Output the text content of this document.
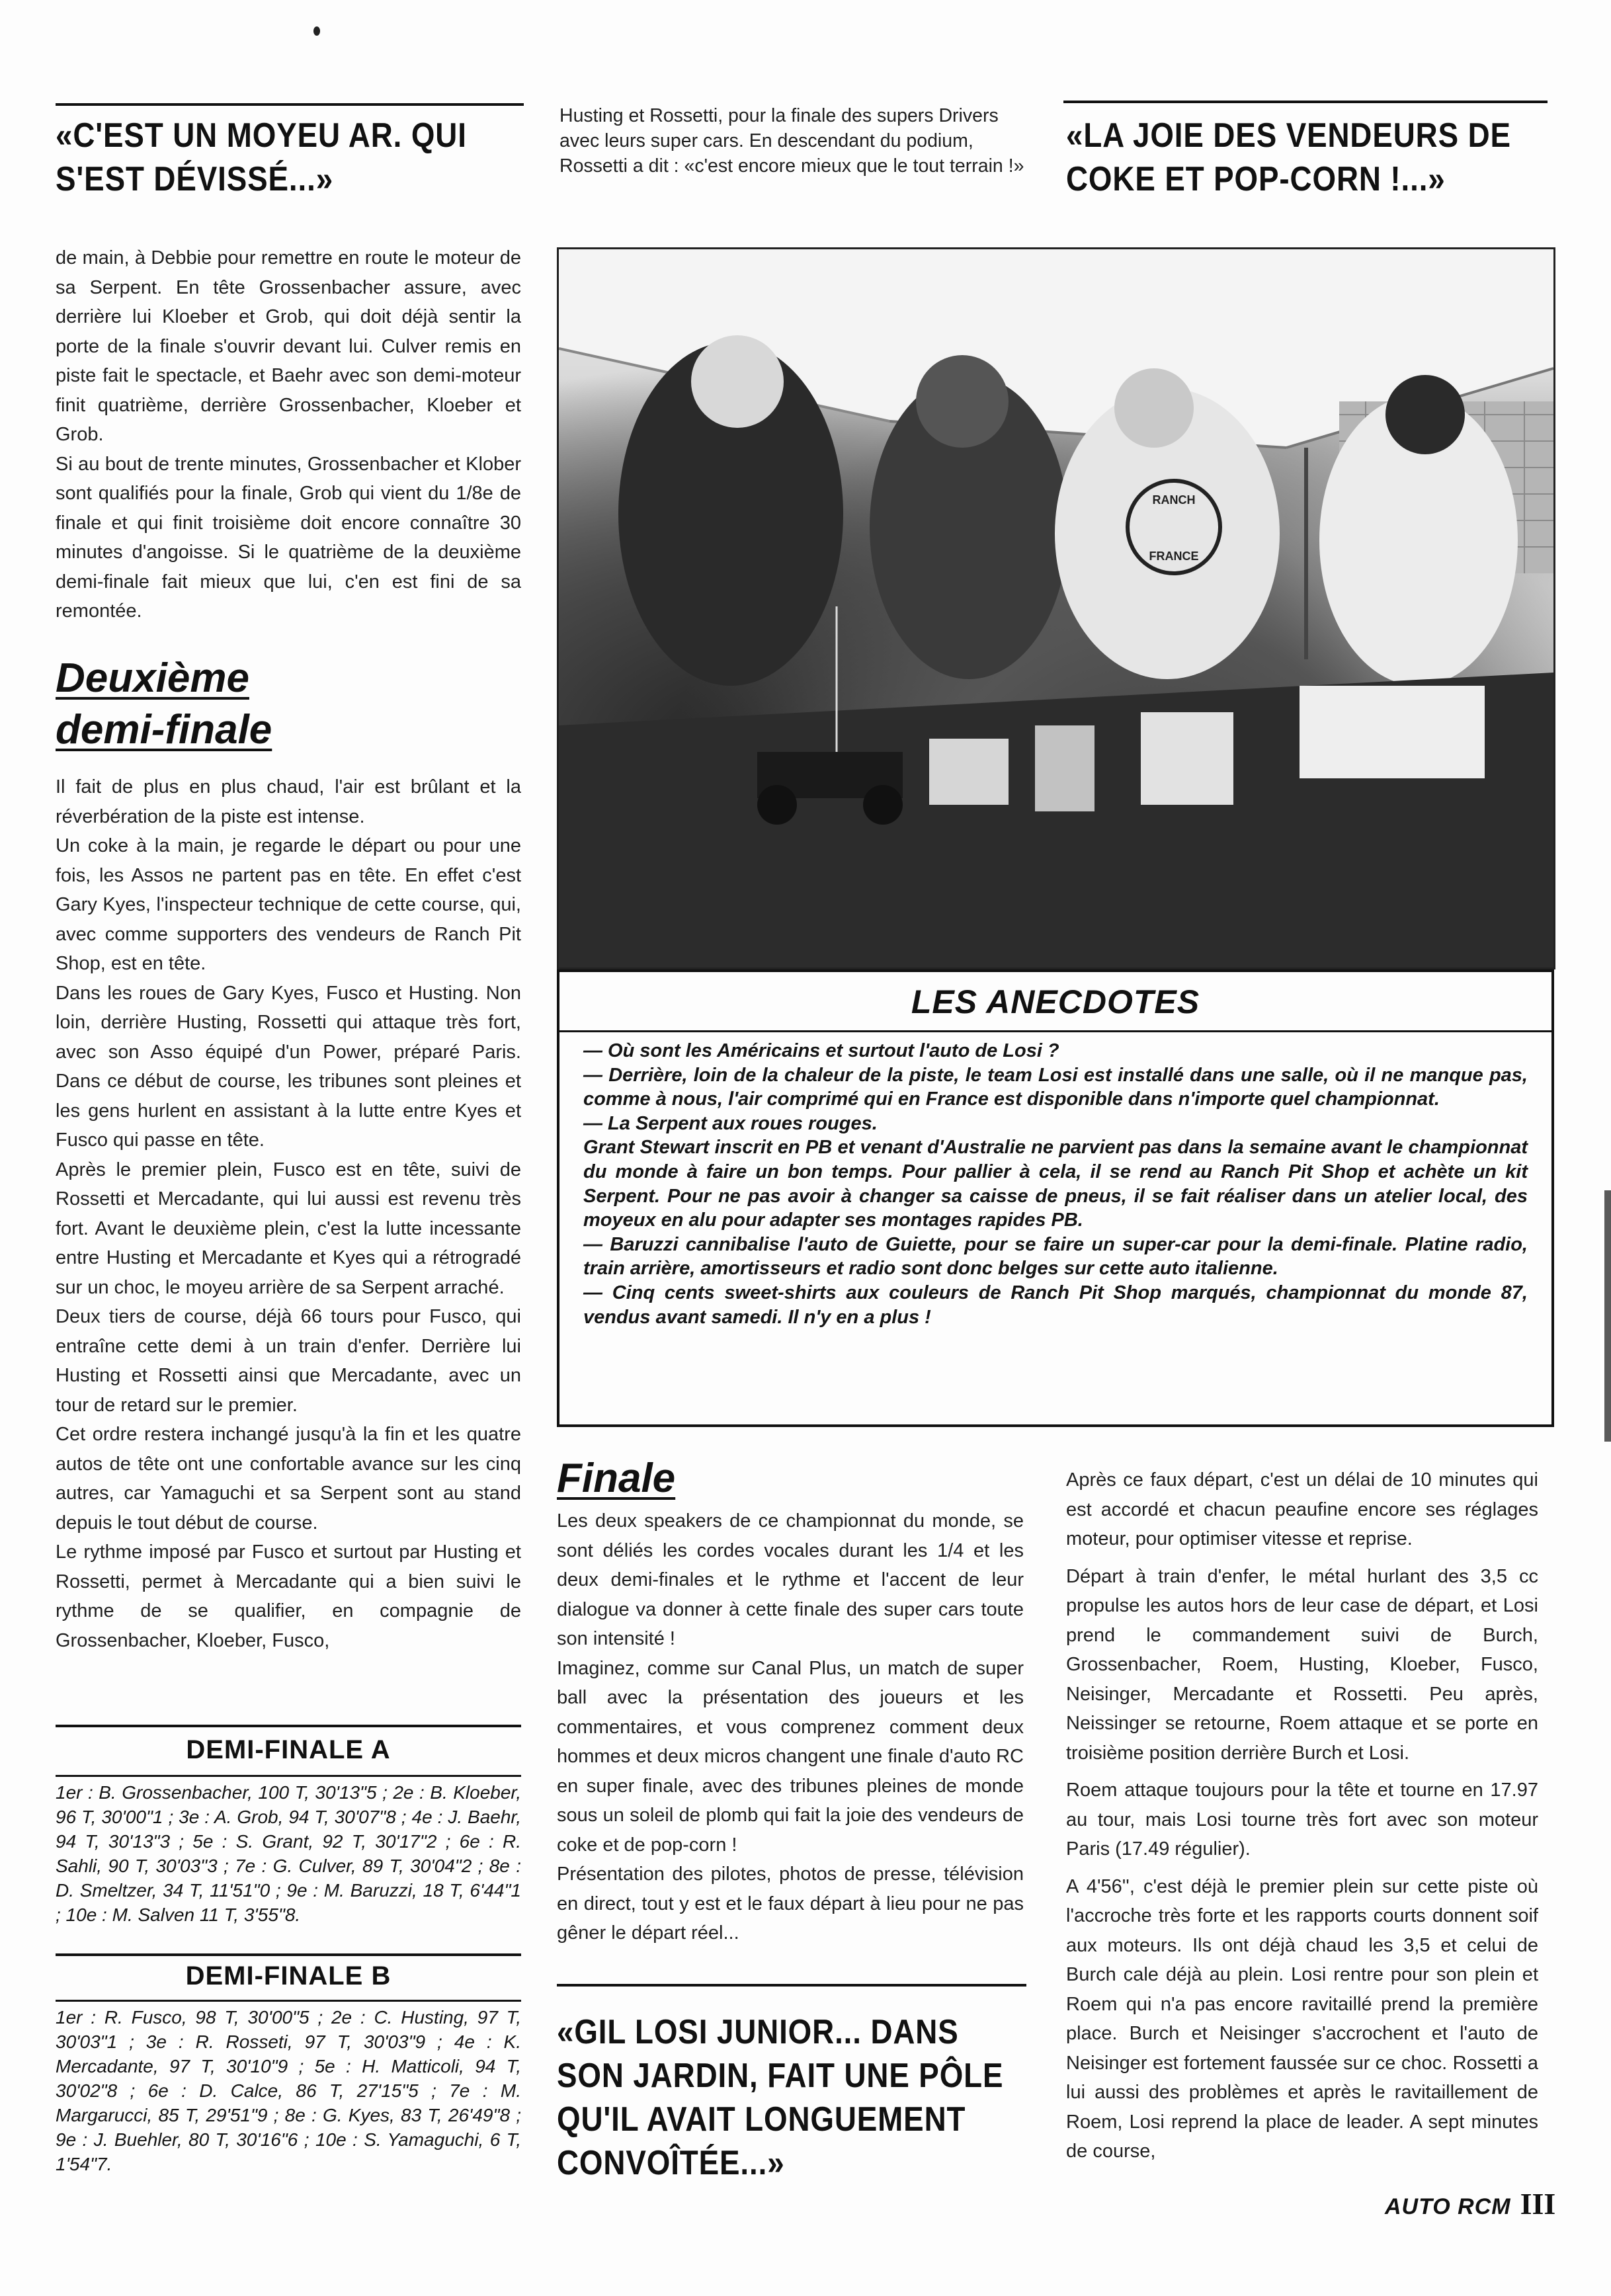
«C'EST UN MOYEU AR. QUI S'EST DÉVISSÉ...»
Husting et Rossetti, pour la finale des supers Drivers avec leurs super cars. En descendant du podium, Rossetti a dit : «c'est encore mieux que le tout terrain !»
«LA JOIE DES VENDEURS DE COKE ET POP-CORN !...»

de main, à Debbie pour remettre en route le moteur de sa Serpent. En tête Grossenbacher assure, avec derrière lui Kloeber et Grob, qui doit déjà sentir la porte de la finale s'ouvrir devant lui. Culver remis en piste fait le spectacle, et Baehr avec son demi-moteur finit quatrième, derrière Grossenbacher, Kloeber et Grob.

Si au bout de trente minutes, Grossenbacher et Klober sont qualifiés pour la finale, Grob qui vient du 1/8e de finale et qui finit troisième doit encore connaître 30 minutes d'angoisse. Si le quatrième de la deuxième demi-finale fait mieux que lui, c'en est fini de sa remontée.

Deuxième
demi-finale

Il fait de plus en plus chaud, l'air est brûlant et la réverbération de la piste est intense.

Un coke à la main, je regarde le départ ou pour une fois, les Assos ne partent pas en tête. En effet c'est Gary Kyes, l'inspecteur technique de cette course, qui, avec comme supporters des vendeurs de Ranch Pit Shop, est en tête.

Dans les roues de Gary Kyes, Fusco et Husting. Non loin, derrière Husting, Rossetti qui attaque très fort, avec son Asso équipé d'un Power, préparé Paris. Dans ce début de course, les tribunes sont pleines et les gens hurlent en assistant à la lutte entre Kyes et Fusco qui passe en tête.

Après le premier plein, Fusco est en tête, suivi de Rossetti et Mercadante, qui lui aussi est revenu très fort. Avant le deuxième plein, c'est la lutte incessante entre Husting et Mercadante et Kyes qui a rétrogradé sur un choc, le moyeu arrière de sa Serpent arraché.

Deux tiers de course, déjà 66 tours pour Fusco, qui entraîne cette demi à un train d'enfer. Derrière lui Husting et Rossetti ainsi que Mercadante, avec un tour de retard sur le premier.

Cet ordre restera inchangé jusqu'à la fin et les quatre autos de tête ont une confortable avance sur les cinq autres, car Yamaguchi et sa Serpent sont au stand depuis le tout début de course.

Le rythme imposé par Fusco et surtout par Husting et Rossetti, permet à Mercadante qui a bien suivi le rythme de se qualifier, en compagnie de Grossenbacher, Kloeber, Fusco,

DEMI-FINALE A
1er : B. Grossenbacher, 100 T, 30'13"5 ; 2e : B. Kloeber, 96 T, 30'00"1 ; 3e : A. Grob, 94 T, 30'07"8 ; 4e : J. Baehr, 94 T, 30'13"3 ; 5e : S. Grant, 92 T, 30'17"2 ; 6e : R. Sahli, 90 T, 30'03"3 ; 7e : G. Culver, 89 T, 30'04"2 ; 8e : D. Smeltzer, 34 T, 11'51"0 ; 9e : M. Baruzzi, 18 T, 6'44"1 ; 10e : M. Salven 11 T, 3'55"8.
DEMI-FINALE B
1er : R. Fusco, 98 T, 30'00"5 ; 2e : C. Husting, 97 T, 30'03"1 ; 3e : R. Rosseti, 97 T, 30'03"9 ; 4e : K. Mercadante, 97 T, 30'10"9 ; 5e : H. Matticoli, 94 T, 30'02"8 ; 6e : D. Calce, 86 T, 27'15"5 ; 7e : M. Margarucci, 85 T, 29'51"9 ; 8e : G. Kyes, 83 T, 26'49"8 ; 9e : J. Buehler, 80 T, 30'16"6 ; 10e : S. Yamaguchi, 6 T, 1'54"7.
RANCH
FRANCE
LES ANECDOTES

— Où sont les Américains et surtout l'auto de Losi ?

— Derrière, loin de la chaleur de la piste, le team Losi est installé dans une salle, où il ne manque pas, comme à nous, l'air comprimé qui en France est disponible dans n'importe quel championnat.

— La Serpent aux roues rouges.

Grant Stewart inscrit en PB et venant d'Australie ne parvient pas dans la semaine avant le championnat du monde à faire un bon temps. Pour pallier à cela, il se rend au Ranch Pit Shop et achète un kit Serpent. Pour ne pas avoir à changer sa caisse de pneus, il se fait réaliser dans un atelier local, des moyeux en alu pour adapter ses montages rapides PB.

— Baruzzi cannibalise l'auto de Guiette, pour se faire un super-car pour la demi-finale. Platine radio, train arrière, amortisseurs et radio sont donc belges sur cette auto italienne.

— Cinq cents sweet-shirts aux couleurs de Ranch Pit Shop marqués, championnat du monde 87, vendus avant samedi. Il n'y en a plus !

Finale

Les deux speakers de ce championnat du monde, se sont déliés les cordes vocales durant les 1/4 et les deux demi-finales et le rythme et l'accent de leur dialogue va donner à cette finale des super cars toute son intensité !

Imaginez, comme sur Canal Plus, un match de super ball avec la présentation des joueurs et les commentaires, et vous comprenez comment deux hommes et deux micros changent une finale d'auto RC en super finale, avec des tribunes pleines de monde sous un soleil de plomb qui fait la joie des vendeurs de coke et de pop-corn !

Présentation des pilotes, photos de presse, télévision en direct, tout y est et le faux départ à lieu pour ne pas gêner le départ réel...

«GIL LOSI JUNIOR... DANS SON JARDIN, FAIT UNE PÔLE QU'IL AVAIT LONGUEMENT CONVOÎTÉE...»

Après ce faux départ, c'est un délai de 10 minutes qui est accordé et chacun peaufine encore ses réglages moteur, pour optimiser vitesse et reprise.

Départ à train d'enfer, le métal hurlant des 3,5 cc propulse les autos hors de leur case de départ, et Losi prend le commandement suivi de Burch, Grossenbacher, Roem, Husting, Kloeber, Fusco, Neisinger, Mercadante et Rossetti. Peu après, Neissinger se retourne, Roem attaque et se porte en troisième position derrière Burch et Losi.

Roem attaque toujours pour la tête et tourne en 17.97 au tour, mais Losi tourne très fort avec son moteur Paris (17.49 régulier).

A 4'56'', c'est déjà le premier plein sur cette piste où l'accroche très forte et les rapports courts donnent soif aux moteurs. Ils ont déjà chaud les 3,5 et celui de Burch cale déjà au plein. Losi rentre pour son plein et Roem qui n'a pas encore ravitaillé prend la première place. Burch et Neisinger s'accrochent et l'auto de Neisinger est fortement faussée sur ce choc. Rossetti a lui aussi des problèmes et après le ravitaillement de Roem, Losi reprend la place de leader. A sept minutes de course,

AUTO RCM III
